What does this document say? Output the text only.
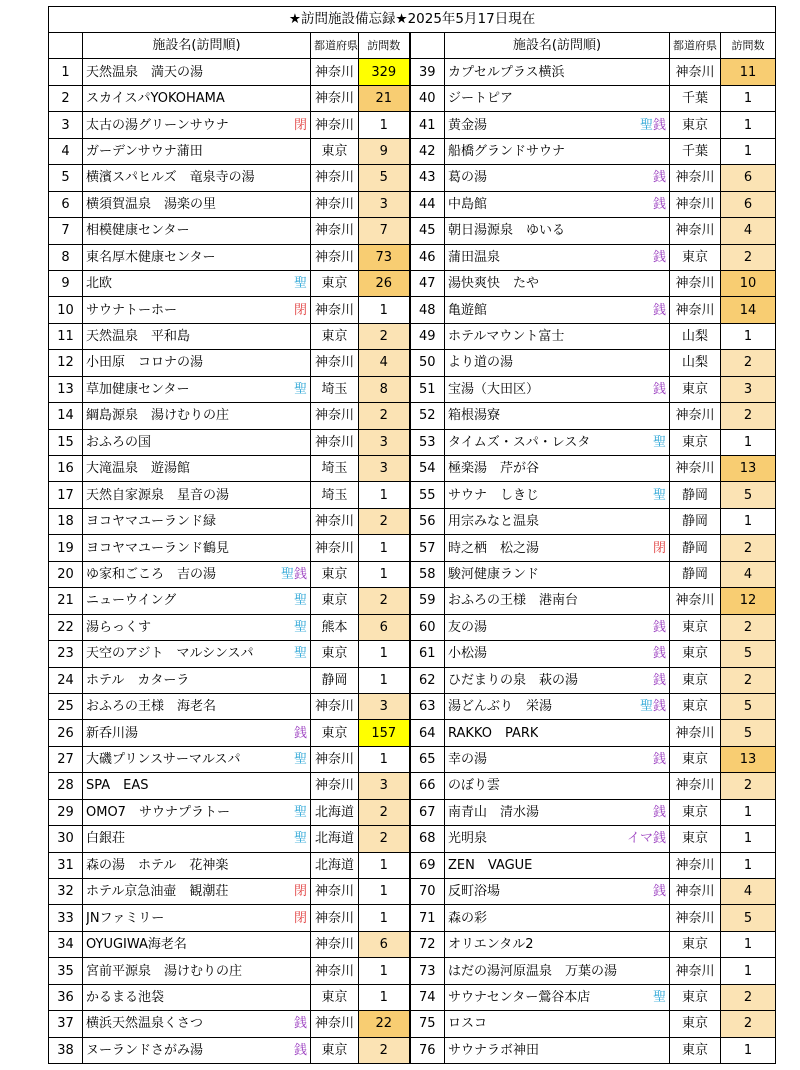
★訪問施設備忘録★2025年5月17日現在							
	施設名(訪問順)	都道府県	訪問数		施設名(訪問順)	都道府県	訪問数
1	天然温泉　満天の湯	神奈川	329	39	カプセルプラス横浜	神奈川	11
2	スカイスパYOKOHAMA	神奈川	21	40	ジートピア	千葉	1
3	太古の湯グリーンサウナ 閉	神奈川	1	41	黄金湯 聖銭	東京	1
4	ガーデンサウナ蒲田	東京	9	42	船橋グランドサウナ	千葉	1
5	横濱スパヒルズ　竜泉寺の湯	神奈川	5	43	葛の湯 銭	神奈川	6
6	横須賀温泉　湯楽の里	神奈川	3	44	中島館 銭	神奈川	6
7	相模健康センター	神奈川	7	45	朝日湯源泉　ゆいる	神奈川	4
8	東名厚木健康センター	神奈川	73	46	蒲田温泉 銭	東京	2
9	北欧 聖	東京	26	47	湯快爽快　たや	神奈川	10
10	サウナトーホー 閉	神奈川	1	48	亀遊館 銭	神奈川	14
11	天然温泉　平和島	東京	2	49	ホテルマウント富士	山梨	1
12	小田原　コロナの湯	神奈川	4	50	より道の湯	山梨	2
13	草加健康センター 聖	埼玉	8	51	宝湯（大田区） 銭	東京	3
14	綱島源泉　湯けむりの庄	神奈川	2	52	箱根湯寮	神奈川	2
15	おふろの国	神奈川	3	53	タイムズ・スパ・レスタ 聖	東京	1
16	大滝温泉　遊湯館	埼玉	3	54	極楽湯　芹が谷	神奈川	13
17	天然自家源泉　星音の湯	埼玉	1	55	サウナ　しきじ 聖	静岡	5
18	ヨコヤマユーランド緑	神奈川	2	56	用宗みなと温泉	静岡	1
19	ヨコヤマユーランド鶴見	神奈川	1	57	時之栖　松之湯 閉	静岡	2
20	ゆ家和ごころ　吉の湯 聖銭	東京	1	58	駿河健康ランド	静岡	4
21	ニューウイング 聖	東京	2	59	おふろの王様　港南台	神奈川	12
22	湯らっくす 聖	熊本	6	60	友の湯 銭	東京	2
23	天空のアジト　マルシンスパ 聖	東京	1	61	小松湯 銭	東京	5
24	ホテル　カターラ	静岡	1	62	ひだまりの泉　萩の湯 銭	東京	2
25	おふろの王様　海老名	神奈川	3	63	湯どんぶり　栄湯 聖銭	東京	5
26	新呑川湯 銭	東京	157	64	RAKKO　PARK	神奈川	5
27	大磯プリンスサーマルスパ 聖	神奈川	1	65	幸の湯 銭	東京	13
28	SPA　EAS	神奈川	3	66	のぼり雲	神奈川	2
29	OMO7　サウナプラトー 聖	北海道	2	67	南青山　清水湯 銭	東京	1
30	白銀荘 聖	北海道	2	68	光明泉 イマ銭	東京	1
31	森の湯　ホテル　花神楽	北海道	1	69	ZEN　VAGUE	神奈川	1
32	ホテル京急油壷　観潮荘 閉	神奈川	1	70	反町浴場 銭	神奈川	4
33	JNファミリー 閉	神奈川	1	71	森の彩	神奈川	5
34	OYUGIWA海老名	神奈川	6	72	オリエンタル2	東京	1
35	宮前平源泉　湯けむりの庄	神奈川	1	73	はだの湯河原温泉　万葉の湯	神奈川	1
36	かるまる池袋	東京	1	74	サウナセンター鶯谷本店 聖	東京	2
37	横浜天然温泉くさつ 銭	神奈川	22	75	ロスコ	東京	2
38	ヌーランドさがみ湯 銭	東京	2	76	サウナラボ神田	東京	1
